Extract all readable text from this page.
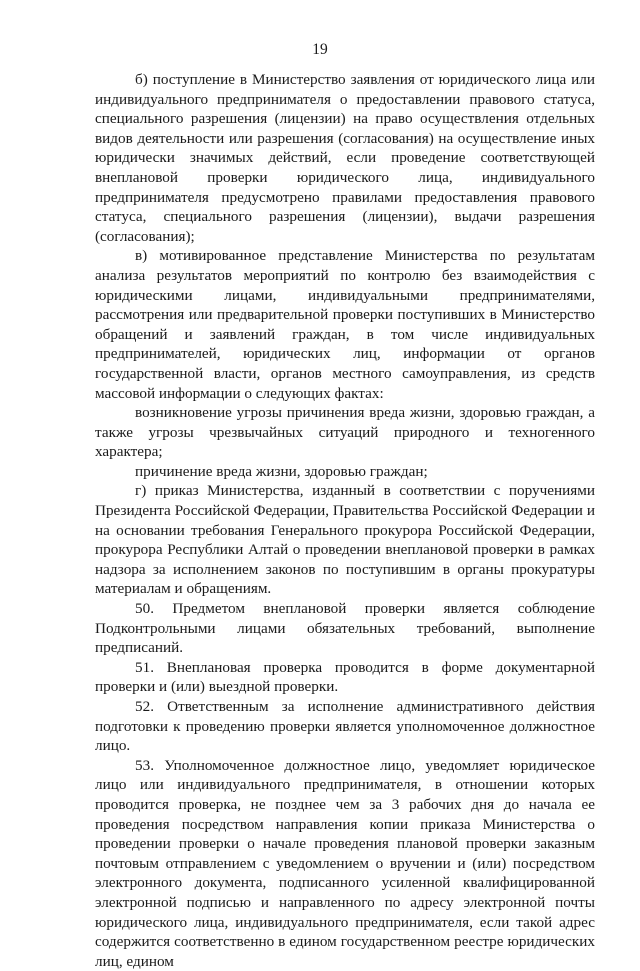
19

б) поступление в Министерство заявления от юридического лица или индивидуального предпринимателя о предоставлении правового статуса, специального разрешения (лицензии) на право осуществления отдельных видов деятельности или разрешения (согласования) на осуществление иных юридически значимых действий, если проведение соответствующей внеплановой проверки юридического лица, индивидуального предпринимателя предусмотрено правилами предоставления правового статуса, специального разрешения (лицензии), выдачи разрешения (согласования);

в) мотивированное представление Министерства по результатам анализа результатов мероприятий по контролю без взаимодействия с юридическими лицами, индивидуальными предпринимателями, рассмотрения или предварительной проверки поступивших в Министерство обращений и заявлений граждан, в том числе индивидуальных предпринимателей, юридических лиц, информации от органов государственной власти, органов местного самоуправления, из средств массовой информации о следующих фактах:

возникновение угрозы причинения вреда жизни, здоровью граждан, а также угрозы чрезвычайных ситуаций природного и техногенного характера;

причинение вреда жизни, здоровью граждан;

г) приказ Министерства, изданный в соответствии с поручениями Президента Российской Федерации, Правительства Российской Федерации и на основании требования Генерального прокурора Российской Федерации, прокурора Республики Алтай о проведении внеплановой проверки в рамках надзора за исполнением законов по поступившим в органы прокуратуры материалам и обращениям.

50. Предметом внеплановой проверки является соблюдение Подконтрольными лицами обязательных требований, выполнение предписаний.

51. Внеплановая проверка проводится в форме документарной проверки и (или) выездной проверки.

52. Ответственным за исполнение административного действия подготовки к проведению проверки является уполномоченное должностное лицо.

53. Уполномоченное должностное лицо, уведомляет юридическое лицо или индивидуального предпринимателя, в отношении которых проводится проверка, не позднее чем за 3 рабочих дня до начала ее проведения посредством направления копии приказа Министерства о проведении проверки о начале проведения плановой проверки заказным почтовым отправлением с уведомлением о вручении и (или) посредством электронного документа, подписанного усиленной квалифицированной электронной подписью и направленного по адресу электронной почты юридического лица, индивидуального предпринимателя, если такой адрес содержится соответственно в едином государственном реестре юридических лиц, едином
